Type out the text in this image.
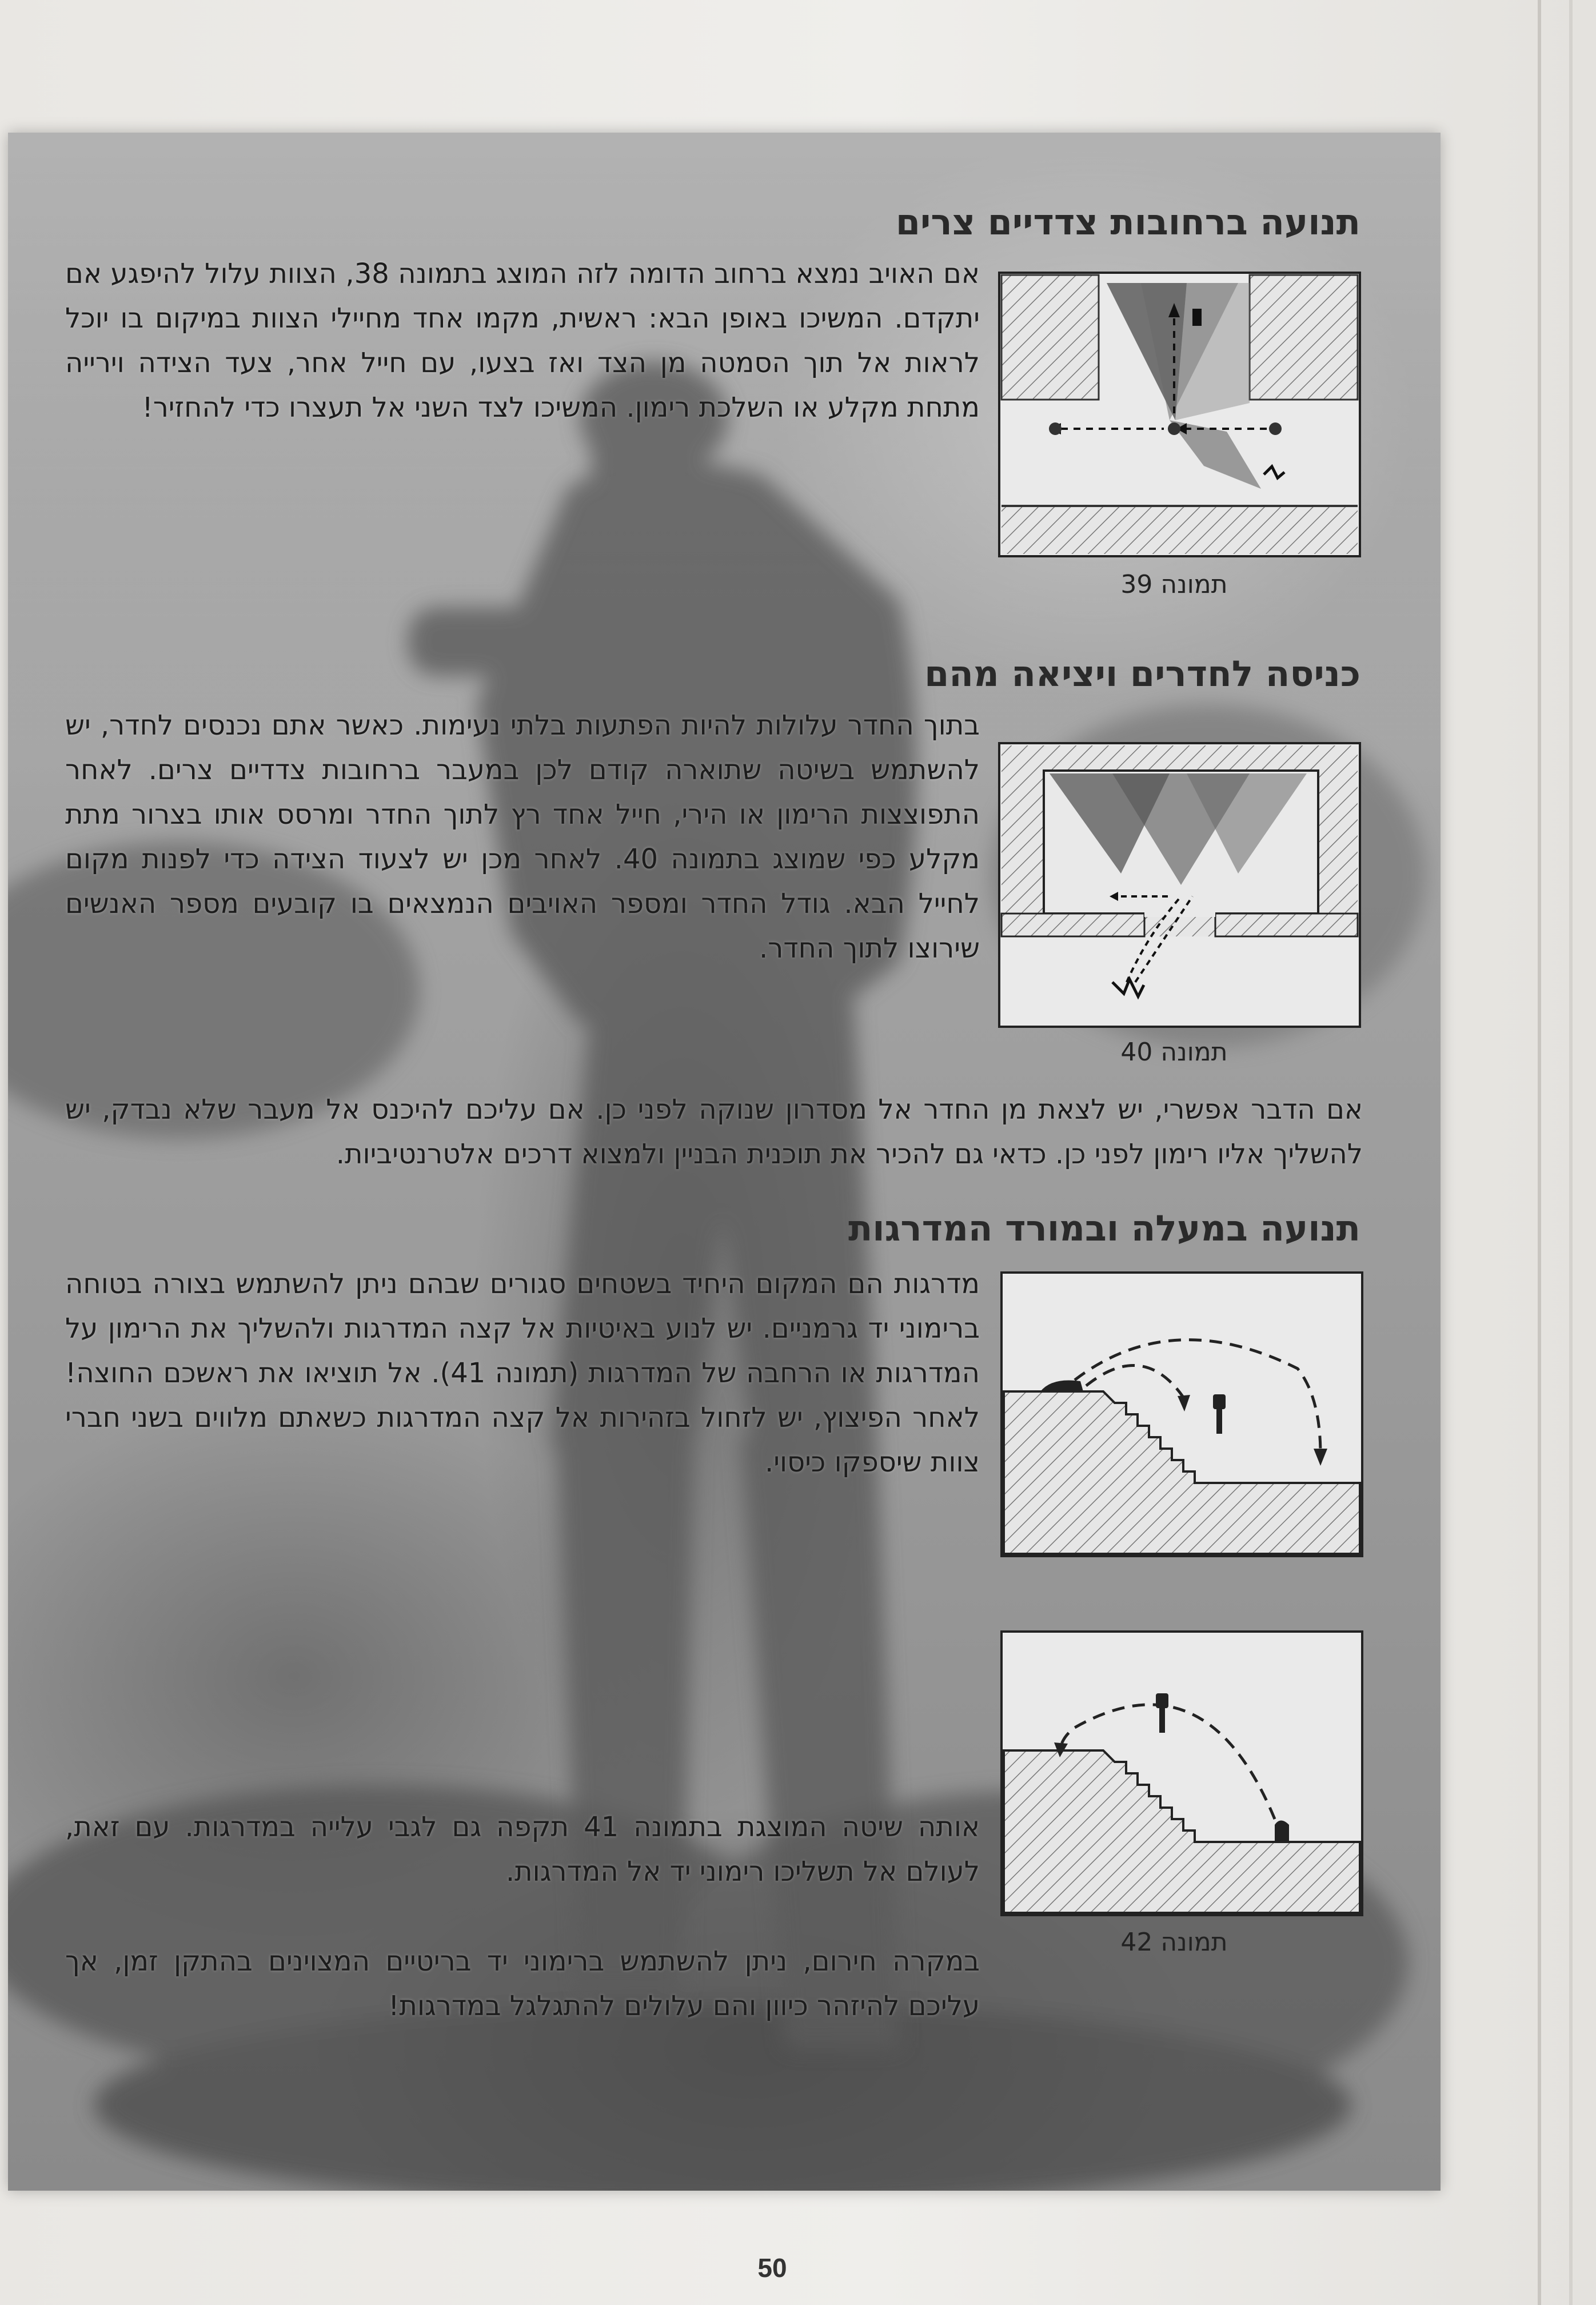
תנועה ברחובות צדדיים צרים

אם האויב נמצא ברחוב הדומה לזה המוצג בתמונה 38, הצוות עלול להיפגע אם יתקדם. המשיכו באופן הבא: ראשית, מקמו אחד מחיילי הצוות במיקום בו יוכל לראות אל תוך הסמטה מן הצד ואז בצעו, עם חייל אחר, צעד הצידה וירייה מתחת מקלע או השלכת רימון. המשיכו לצד השני אל תעצרו כדי להחזיר!

תמונה 39
כניסה לחדרים ויציאה מהם

בתוך החדר עלולות להיות הפתעות בלתי נעימות. כאשר אתם נכנסים לחדר, יש להשתמש בשיטה שתוארה קודם לכן במעבר ברחובות צדדיים צרים. לאחר התפוצצות הרימון או הירי, חייל אחד רץ לתוך החדר ומרסס אותו בצרור מתת מקלע כפי שמוצג בתמונה 40. לאחר מכן יש לצעוד הצידה כדי לפנות מקום לחייל הבא. גודל החדר ומספר האויבים הנמצאים בו קובעים מספר האנשים שירוצו לתוך החדר.

תמונה 40

אם הדבר אפשרי, יש לצאת מן החדר אל מסדרון שנוקה לפני כן. אם עליכם להיכנס אל מעבר שלא נבדק, יש להשליך אליו רימון לפני כן. כדאי גם להכיר את תוכנית הבניין ולמצוא דרכים אלטרנטיביות.

תנועה במעלה ובמורד המדרגות

מדרגות הם המקום היחיד בשטחים סגורים שבהם ניתן להשתמש בצורה בטוחה ברימוני יד גרמניים. יש לנוע באיטיות אל קצה המדרגות ולהשליך את הרימון על המדרגות או הרחבה של המדרגות (תמונה 41). אל תוציאו את ראשכם החוצה! לאחר הפיצוץ, יש לזחול בזהירות אל קצה המדרגות כשאתם מלווים בשני חברי צוות שיספקו כיסוי.

אותה שיטה המוצגת בתמונה 41 תקפה גם לגבי עלייה במדרגות. עם זאת, לעולם אל תשליכו רימוני יד אל המדרגות.

תמונה 42

במקרה חירום, ניתן להשתמש ברימוני יד בריטיים המצוינים בהתקן זמן, אך עליכם להיזהר כיוון והם עלולים להתגלגל במדרגות!

50
